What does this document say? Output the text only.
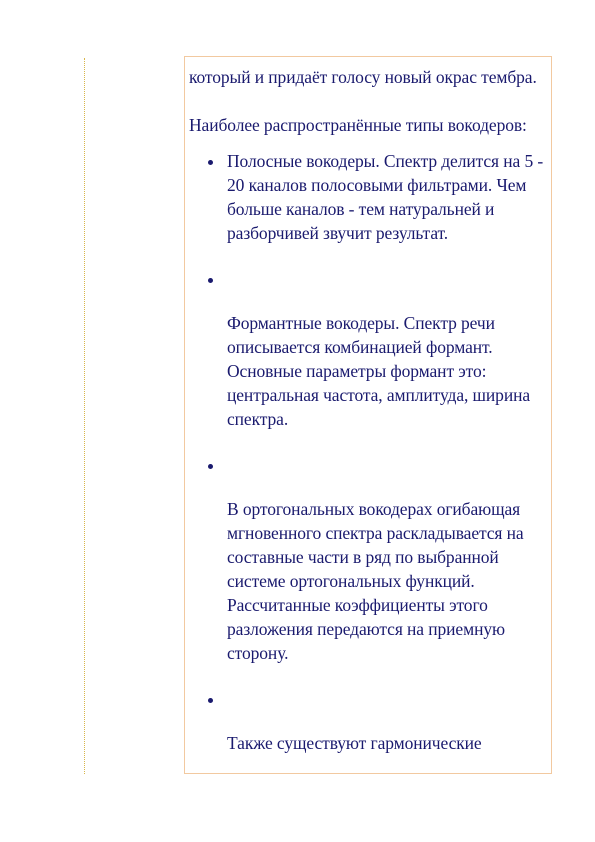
который и придаёт голосу новый окрас тембра.

Наиболее распространённые типы вокодеров:

Полосные вокодеры. Спектр делится на 5 - 20 каналов полосовыми фильтрами. Чем больше каналов - тем натуральней и разборчивей звучит результат.
Формантные вокодеры. Спектр речи описывается комбинацией формант. Основные параметры формант это: центральная частота, амплитуда, ширина спектра.
В ортогональных вокодерах огибающая мгновенного спектра раскладывается на составные части в ряд по выбранной системе ортогональных функций. Рассчитанные коэффициенты этого разложения передаются на приемную сторону.
Также существуют гармонические
